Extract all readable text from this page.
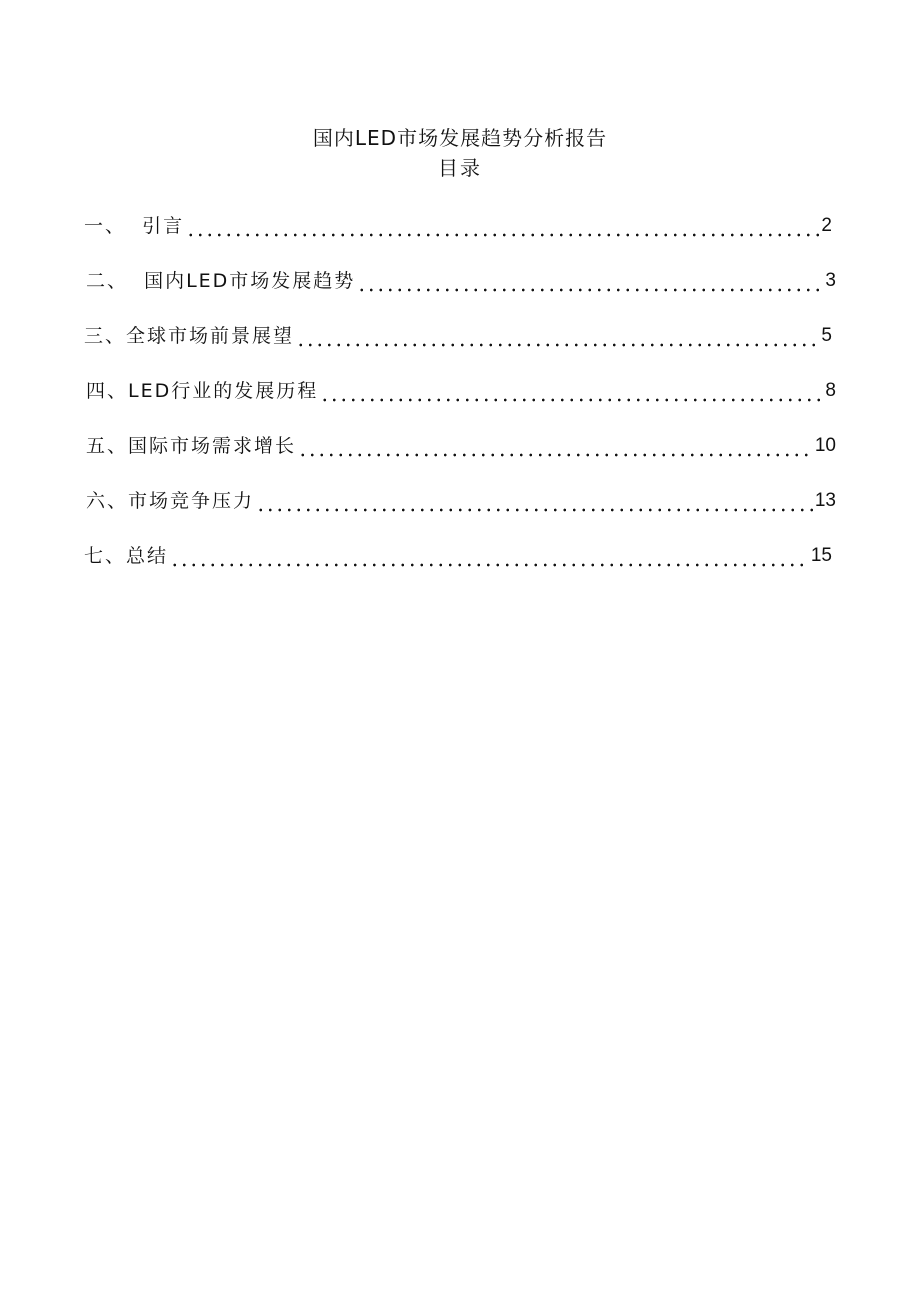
国内LED市场发展趋势分析报告
目录
一、  引言	2
二、  国内LED市场发展趋势	3
三、全球市场前景展望	5
四、LED行业的发展历程	8
五、国际市场需求增长	10
六、市场竞争压力	13
七、总结	15
